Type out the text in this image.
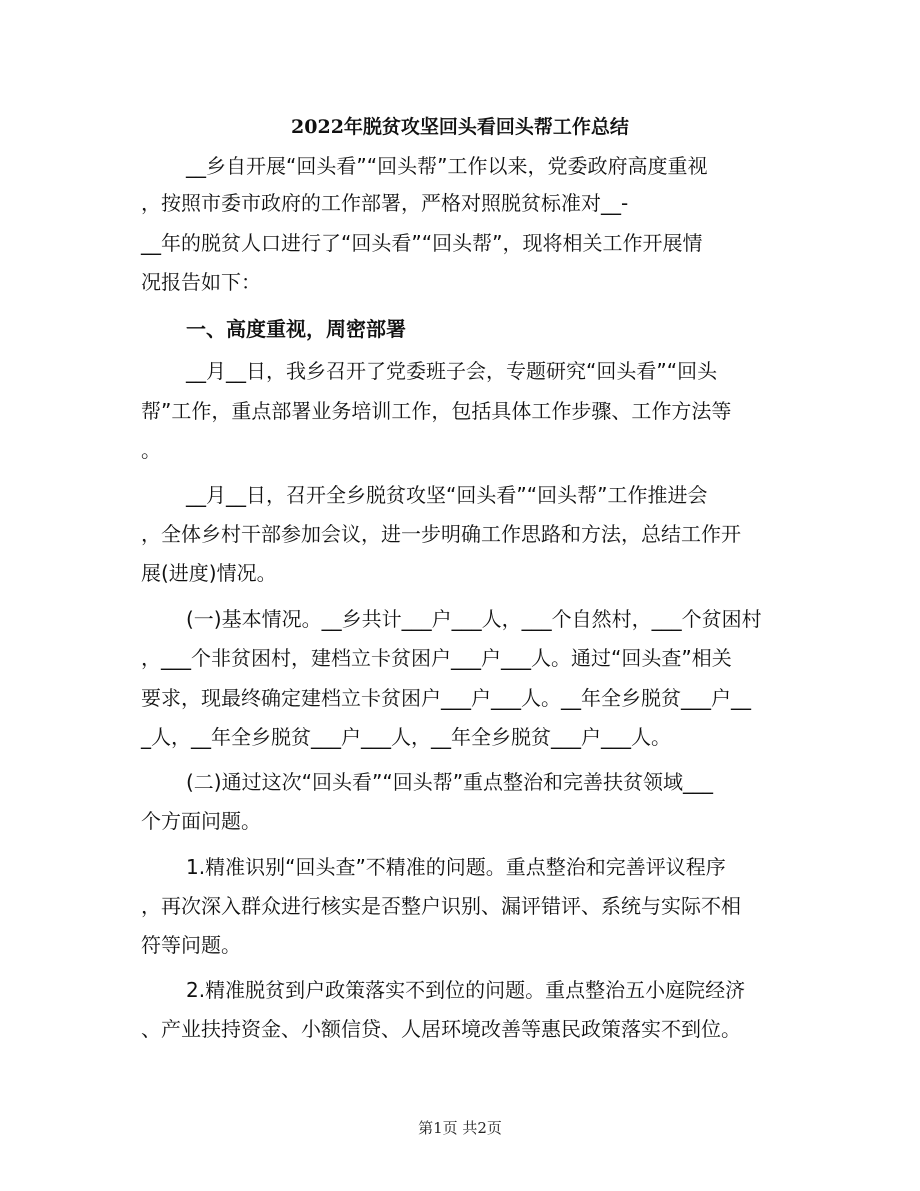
2022年脱贫攻坚回头看回头帮工作总结
__乡自开展“回头看”“回头帮”工作以来，党委政府高度重视
，按照市委市政府的工作部署，严格对照脱贫标准对__-
__年的脱贫人口进行了“回头看”“回头帮”，现将相关工作开展情
况报告如下：
一、高度重视，周密部署
__月__日，我乡召开了党委班子会，专题研究“回头看”“回头
帮”工作，重点部署业务培训工作，包括具体工作步骤、工作方法等
。
__月__日，召开全乡脱贫攻坚“回头看”“回头帮”工作推进会
，全体乡村干部参加会议，进一步明确工作思路和方法，总结工作开
展(进度)情况。
(一)基本情况。__乡共计___户___人，___个自然村，___个贫困村
，___个非贫困村，建档立卡贫困户___户___人。通过“回头查”相关
要求，现最终确定建档立卡贫困户___户___人。__年全乡脱贫___户__
_人，__年全乡脱贫___户___人，__年全乡脱贫___户___人。
(二)通过这次“回头看”“回头帮”重点整治和完善扶贫领域___
个方面问题。
1.精准识别“回头查”不精准的问题。重点整治和完善评议程序
，再次深入群众进行核实是否整户识别、漏评错评、系统与实际不相
符等问题。
2.精准脱贫到户政策落实不到位的问题。重点整治五小庭院经济
、产业扶持资金、小额信贷、人居环境改善等惠民政策落实不到位。
第1页 共2页
